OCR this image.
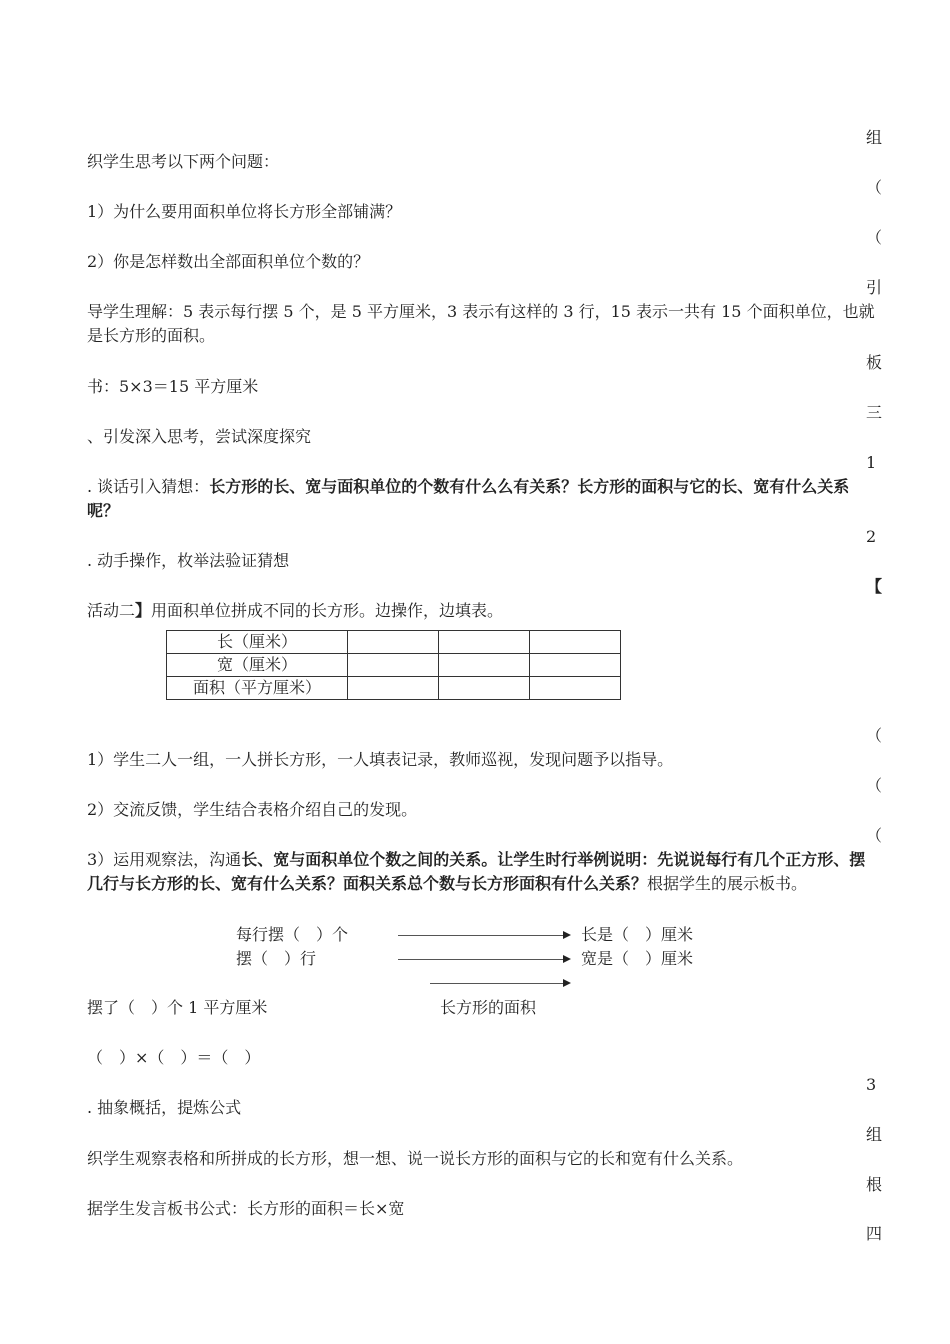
组
（
（
引
板
三
1
2
【
（
（
（
3
组
根
四
织学生思考以下两个问题：
1）为什么要用面积单位将长方形全部铺满？
2）你是怎样数出全部面积单位个数的？
导学生理解：5 表示每行摆 5 个，是 5 平方厘米，3 表示有这样的 3 行，15 表示一共有 15 个面积单位，也就是长方形的面积。
书：5×3＝15 平方厘米
、引发深入思考，尝试深度探究
. 谈话引入猜想：长方形的长、宽与面积单位的个数有什么么有关系？长方形的面积与它的长、宽有什么关系呢？
. 动手操作，枚举法验证猜想
活动二】用面积单位拼成不同的长方形。边操作，边填表。
长（厘米）			
宽（厘米）			
面积（平方厘米）			
1）学生二人一组，一人拼长方形，一人填表记录，教师巡视，发现问题予以指导。
2）交流反馈，学生结合表格介绍自己的发现。
3）运用观察法，沟通长、宽与面积单位个数之间的关系。让学生时行举例说明：先说说每行有几个正方形、摆几行与长方形的长、宽有什么关系？面积关系总个数与长方形面积有什么关系？根据学生的展示板书。
每行摆（　）个
摆（　）行
长是（　）厘米
宽是（　）厘米
摆了（　）个 1 平方厘米	长方形的面积
（　）×（　）＝（　）
. 抽象概括，提炼公式
织学生观察表格和所拼成的长方形，想一想、说一说长方形的面积与它的长和宽有什么关系。
据学生发言板书公式：长方形的面积＝长×宽
